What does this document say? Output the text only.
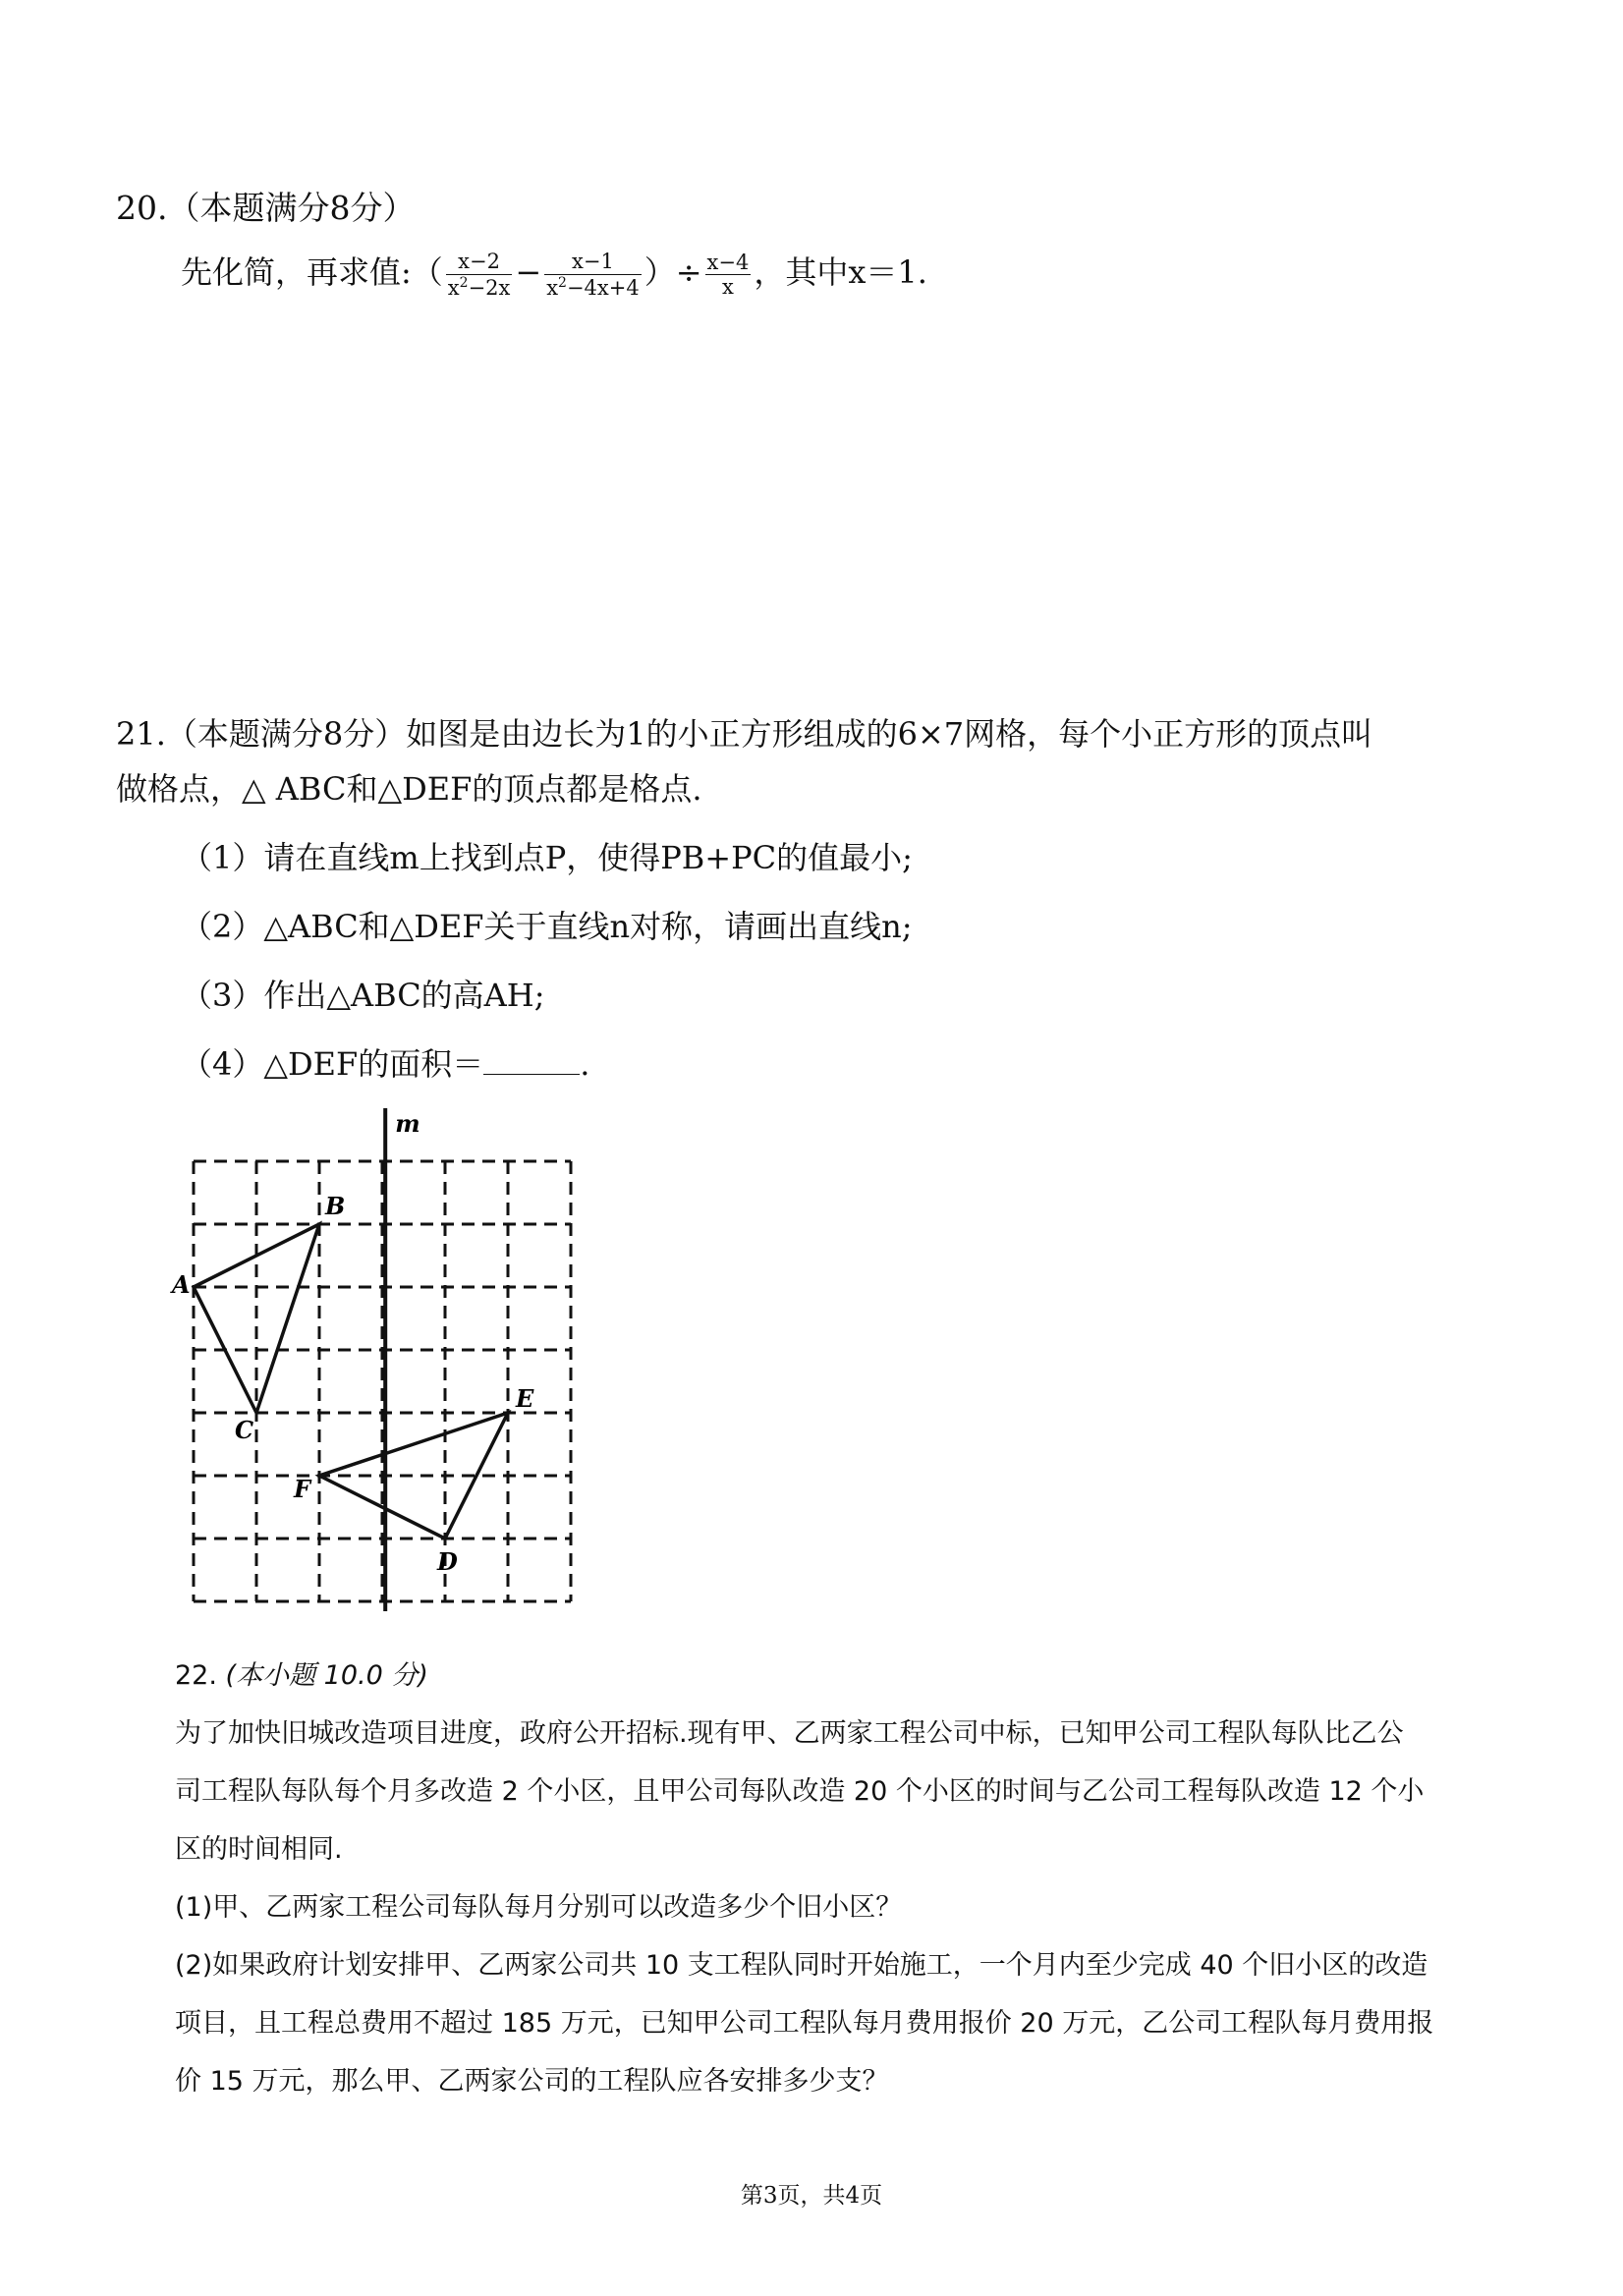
20.（本题满分8分）
先化简，再求值:（ $\frac{x-2}{x^2-2x} - \frac{x-1}{x^2-4x+4}$ ）÷ $\frac{x-4}{x}$ ，其中x＝1.
21.（本题满分8分）如图是由边长为1的小正方形组成的6×7网格，每个小正方形的顶点叫
做格点，△ ABC和△DEF的顶点都是格点.
（1）请在直线m上找到点P，使得PB+PC的值最小;
（2）△ABC和△DEF关于直线n对称，请画出直线n;
（3）作出△ABC的高AH;
（4）△DEF的面积＝	.
m
A
B
C
D
E
F
22. (本小题 10.0 分)
为了加快旧城改造项目进度，政府公开招标.现有甲、乙两家工程公司中标，已知甲公司工程队每队比乙公
司工程队每队每个月多改造 2 个小区，且甲公司每队改造 20 个小区的时间与乙公司工程每队改造 12 个小
区的时间相同.
(1)甲、乙两家工程公司每队每月分别可以改造多少个旧小区？
(2)如果政府计划安排甲、乙两家公司共 10 支工程队同时开始施工，一个月内至少完成 40 个旧小区的改造
项目，且工程总费用不超过 185 万元，已知甲公司工程队每月费用报价 20 万元，乙公司工程队每月费用报
价 15 万元，那么甲、乙两家公司的工程队应各安排多少支？
第3页，共4页
